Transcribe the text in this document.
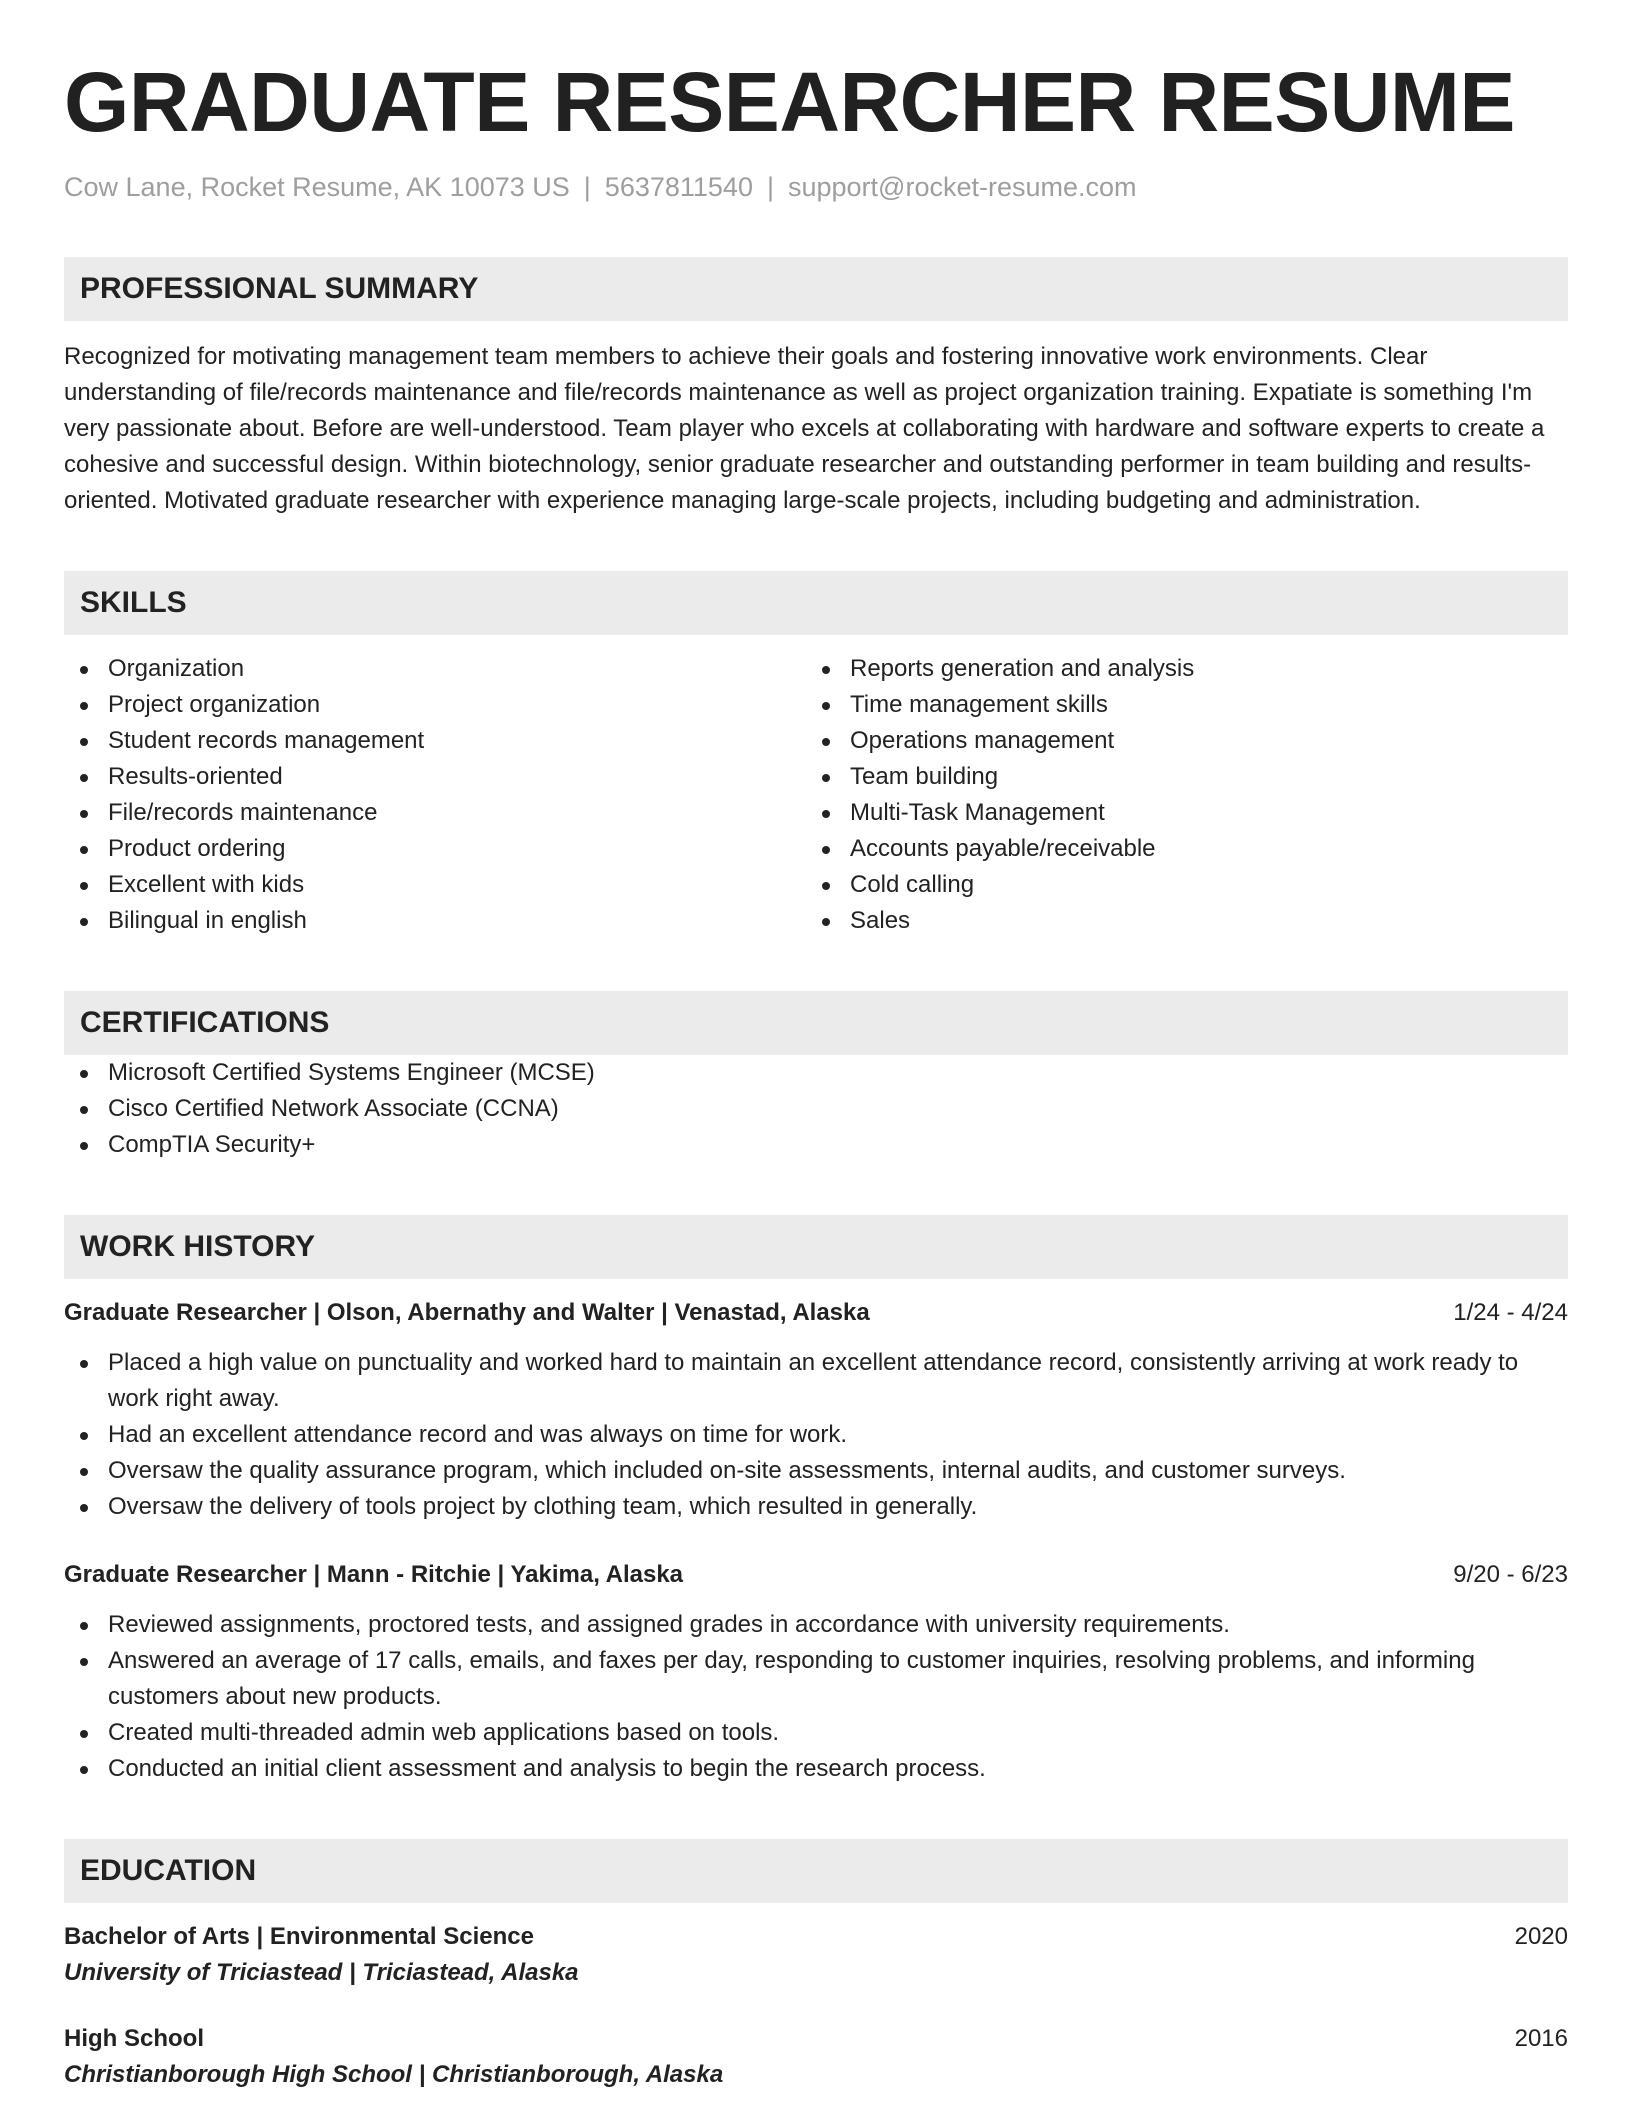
GRADUATE RESEARCHER RESUME
Cow Lane, Rocket Resume, AK 10073 US | 5637811540 | support@rocket-resume.com
PROFESSIONAL SUMMARY
Recognized for motivating management team members to achieve their goals and fostering innovative work environments. Clear understanding of file/records maintenance and file/records maintenance as well as project organization training. Expatiate is something I'm very passionate about. Before are well-understood. Team player who excels at collaborating with hardware and software experts to create a cohesive and successful design. Within biotechnology, senior graduate researcher and outstanding performer in team building and results-oriented. Motivated graduate researcher with experience managing large-scale projects, including budgeting and administration.
SKILLS
Organization
Project organization
Student records management
Results-oriented
File/records maintenance
Product ordering
Excellent with kids
Bilingual in english
Reports generation and analysis
Time management skills
Operations management
Team building
Multi-Task Management
Accounts payable/receivable
Cold calling
Sales
CERTIFICATIONS
Microsoft Certified Systems Engineer (MCSE)
Cisco Certified Network Associate (CCNA)
CompTIA Security+
WORK HISTORY
Graduate Researcher | Olson, Abernathy and Walter | Venastad, Alaska	1/24 - 4/24
Placed a high value on punctuality and worked hard to maintain an excellent attendance record, consistently arriving at work ready to work right away.
Had an excellent attendance record and was always on time for work.
Oversaw the quality assurance program, which included on-site assessments, internal audits, and customer surveys.
Oversaw the delivery of tools project by clothing team, which resulted in generally.
Graduate Researcher | Mann - Ritchie | Yakima, Alaska	9/20 - 6/23
Reviewed assignments, proctored tests, and assigned grades in accordance with university requirements.
Answered an average of 17 calls, emails, and faxes per day, responding to customer inquiries, resolving problems, and informing customers about new products.
Created multi-threaded admin web applications based on tools.
Conducted an initial client assessment and analysis to begin the research process.
EDUCATION
Bachelor of Arts | Environmental Science	2020
University of Triciastead | Triciastead, Alaska
High School	2016
Christianborough High School | Christianborough, Alaska
